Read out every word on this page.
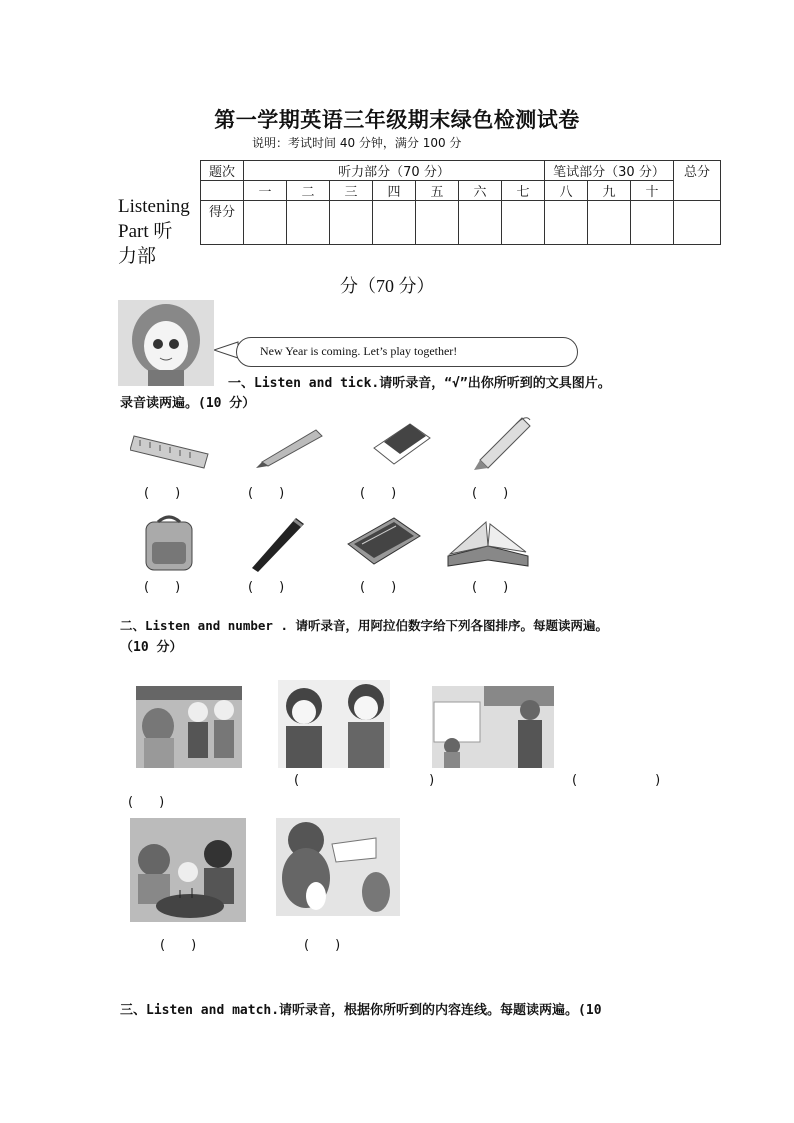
第一学期英语三年级期末绿色检测试卷
说明：考试时间 40 分钟，满分 100 分
题次	听力部分（70 分）							笔试部分（30 分）			总分
	一	二	三	四	五	六	七	八	九	十	
得分											
Listening Part 听力部
分（70 分）
New Year is coming. Let’s play together!
一、Listen and tick.请听录音，“√”出你所听到的文具图片。
录音读两遍。(10 分）
(　　)	(　　)	(　　)	(　　)
(　　)	(　　)	(　　)	(　　)
二、Listen and number . 请听录音，用阿拉伯数字给下列各图排序。每题读两遍。
（10 分）
(　　　　　　　　　　)	(　　　　　　)
(　　)
(　　)	(　　)
三、Listen and match.请听录音，根据你所听到的内容连线。每题读两遍。(10
